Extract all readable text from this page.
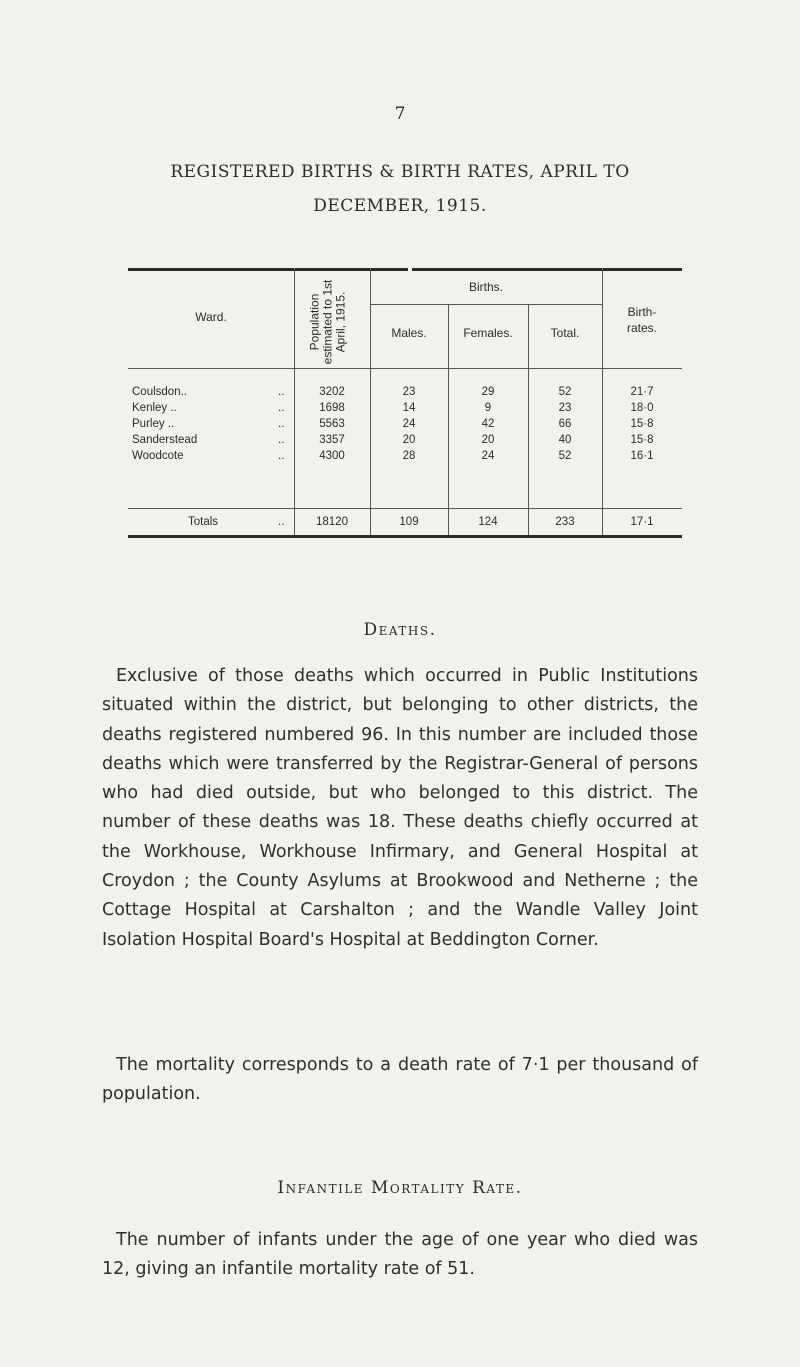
7
REGISTERED BIRTHS & BIRTH RATES, APRIL TO
DECEMBER, 1915.
Ward.	Population estimated to 1st April, 1915.
Births.
Males.	Females.	Total.
Birth- rates.
Coulsdon..	..	3202	23	29	52	21·7
Kenley ..	..	1698	14	9	23	18·0
Purley ..	..	5563	24	42	66	15·8
Sanderstead	..	3357	20	20	40	15·8
Woodcote	..	4300	28	24	52	16·1
Totals	..	18120	109	124	233	17·1
Deaths.

Exclusive of those deaths which occurred in Public Institutions situated within the district, but belonging to other districts, the deaths registered numbered 96. In this number are included those deaths which were transferred by the Registrar-General of persons who had died outside, but who belonged to this district. The number of these deaths was 18. These deaths chiefly occurred at the Workhouse, Workhouse Infirmary, and General Hospital at Croydon ; the County Asylums at Brookwood and Netherne ; the Cottage Hospital at Carshalton ; and the Wandle Valley Joint Isolation Hospital Board's Hospital at Beddington Corner.

The mortality corresponds to a death rate of 7·1 per thousand of population.

Infantile Mortality Rate.

The number of infants under the age of one year who died was 12, giving an infantile mortality rate of 51.
